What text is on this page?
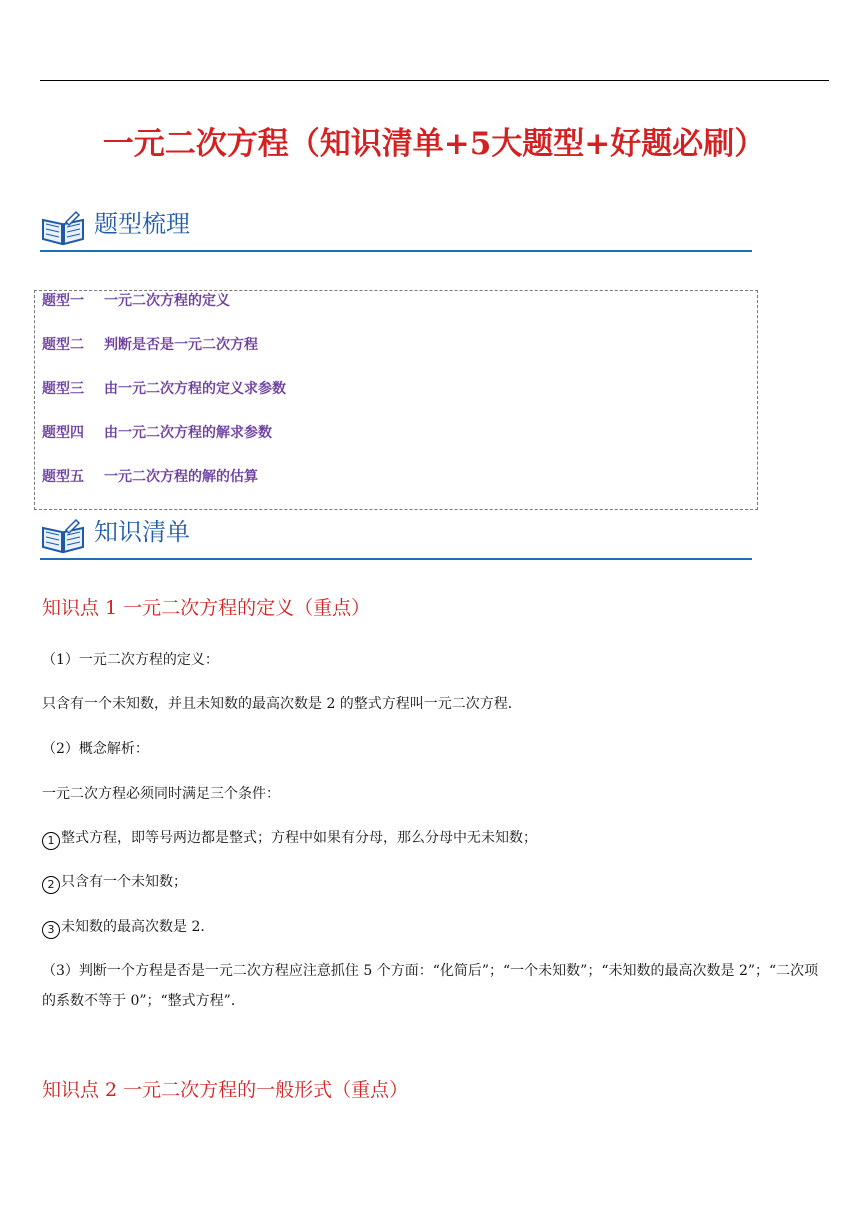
一元二次方程（知识清单+5大题型+好题必刷）
题型梳理
题型一 一元二次方程的定义
题型二 判断是否是一元二次方程
题型三 由一元二次方程的定义求参数
题型四 由一元二次方程的解求参数
题型五 一元二次方程的解的估算
知识清单
知识点 1 一元二次方程的定义（重点）
（1）一元二次方程的定义：
只含有一个未知数，并且未知数的最高次数是 2 的整式方程叫一元二次方程．
（2）概念解析：
一元二次方程必须同时满足三个条件：
1 整式方程，即等号两边都是整式；方程中如果有分母，那么分母中无未知数；
2 只含有一个未知数；
3 未知数的最高次数是 2．
（3）判断一个方程是否是一元二次方程应注意抓住 5 个方面：“化简后”；“一个未知数”；“未知数的最高次数是 2”；“二次项的系数不等于 0”；“整式方程”．
知识点 2 一元二次方程的一般形式（重点）
